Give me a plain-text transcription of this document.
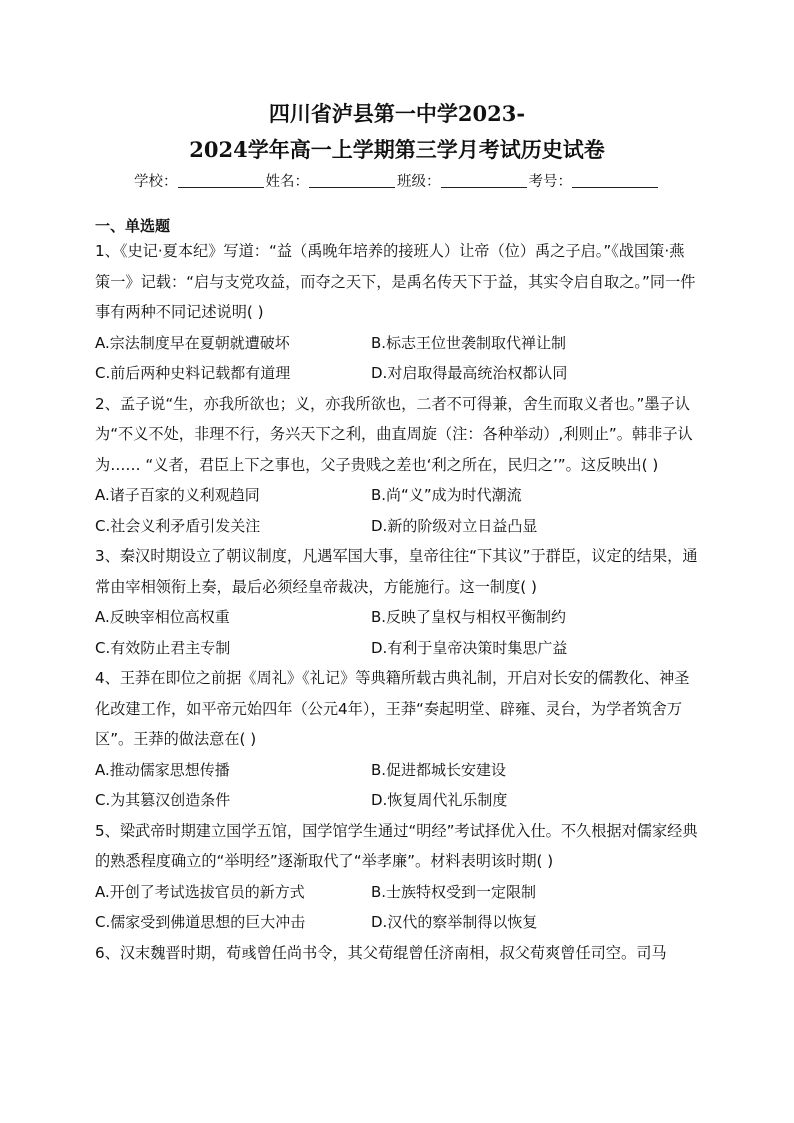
四川省泸县第一中学2023-
2024学年高一上学期第三学月考试历史试卷
学校：	姓名：	班级：	考号：
一、单选题

1、《史记·夏本纪》写道：“益（禹晚年培养的接班人）让帝（位）禹之子启。”《战国策·燕策一》记载：“启与支党攻益，而夺之天下，是禹名传天下于益，其实令启自取之。”同一件事有两种不同记述说明( )

A.宗法制度早在夏朝就遭破坏	B.标志王位世袭制取代禅让制
C.前后两种史料记载都有道理	D.对启取得最高统治权都认同

2、孟子说“生，亦我所欲也；义，亦我所欲也，二者不可得兼，舍生而取义者也。”墨子认为“不义不处，非理不行，务兴天下之利，曲直周旋（注：各种举动）,利则止”。韩非子认为…… “义者，君臣上下之事也，父子贵贱之差也‘利之所在，民归之’”。这反映出( )

A.诸子百家的义利观趋同	B.尚“义”成为时代潮流
C.社会义利矛盾引发关注	D.新的阶级对立日益凸显

3、秦汉时期设立了朝议制度，凡遇军国大事，皇帝往往“下其议”于群臣，议定的结果，通常由宰相领衔上奏，最后必须经皇帝裁决，方能施行。这一制度( )

A.反映宰相位高权重	B.反映了皇权与相权平衡制约
C.有效防止君主专制	D.有利于皇帝决策时集思广益

4、王莽在即位之前据《周礼》《礼记》等典籍所载古典礼制，开启对长安的儒教化、神圣化改建工作，如平帝元始四年（公元4年），王莽“奏起明堂、辟雍、灵台，为学者筑舍万区”。王莽的做法意在( )

A.推动儒家思想传播	B.促进都城长安建设
C.为其篡汉创造条件	D.恢复周代礼乐制度

5、梁武帝时期建立国学五馆，国学馆学生通过“明经”考试择优入仕。不久根据对儒家经典的熟悉程度确立的“举明经”逐渐取代了“举孝廉”。材料表明该时期( )

A.开创了考试选拔官员的新方式	B.士族特权受到一定限制
C.儒家受到佛道思想的巨大冲击	D.汉代的察举制得以恢复

6、汉末魏晋时期，荀彧曾任尚书令，其父荀绲曾任济南相，叔父荀爽曾任司空。司马
